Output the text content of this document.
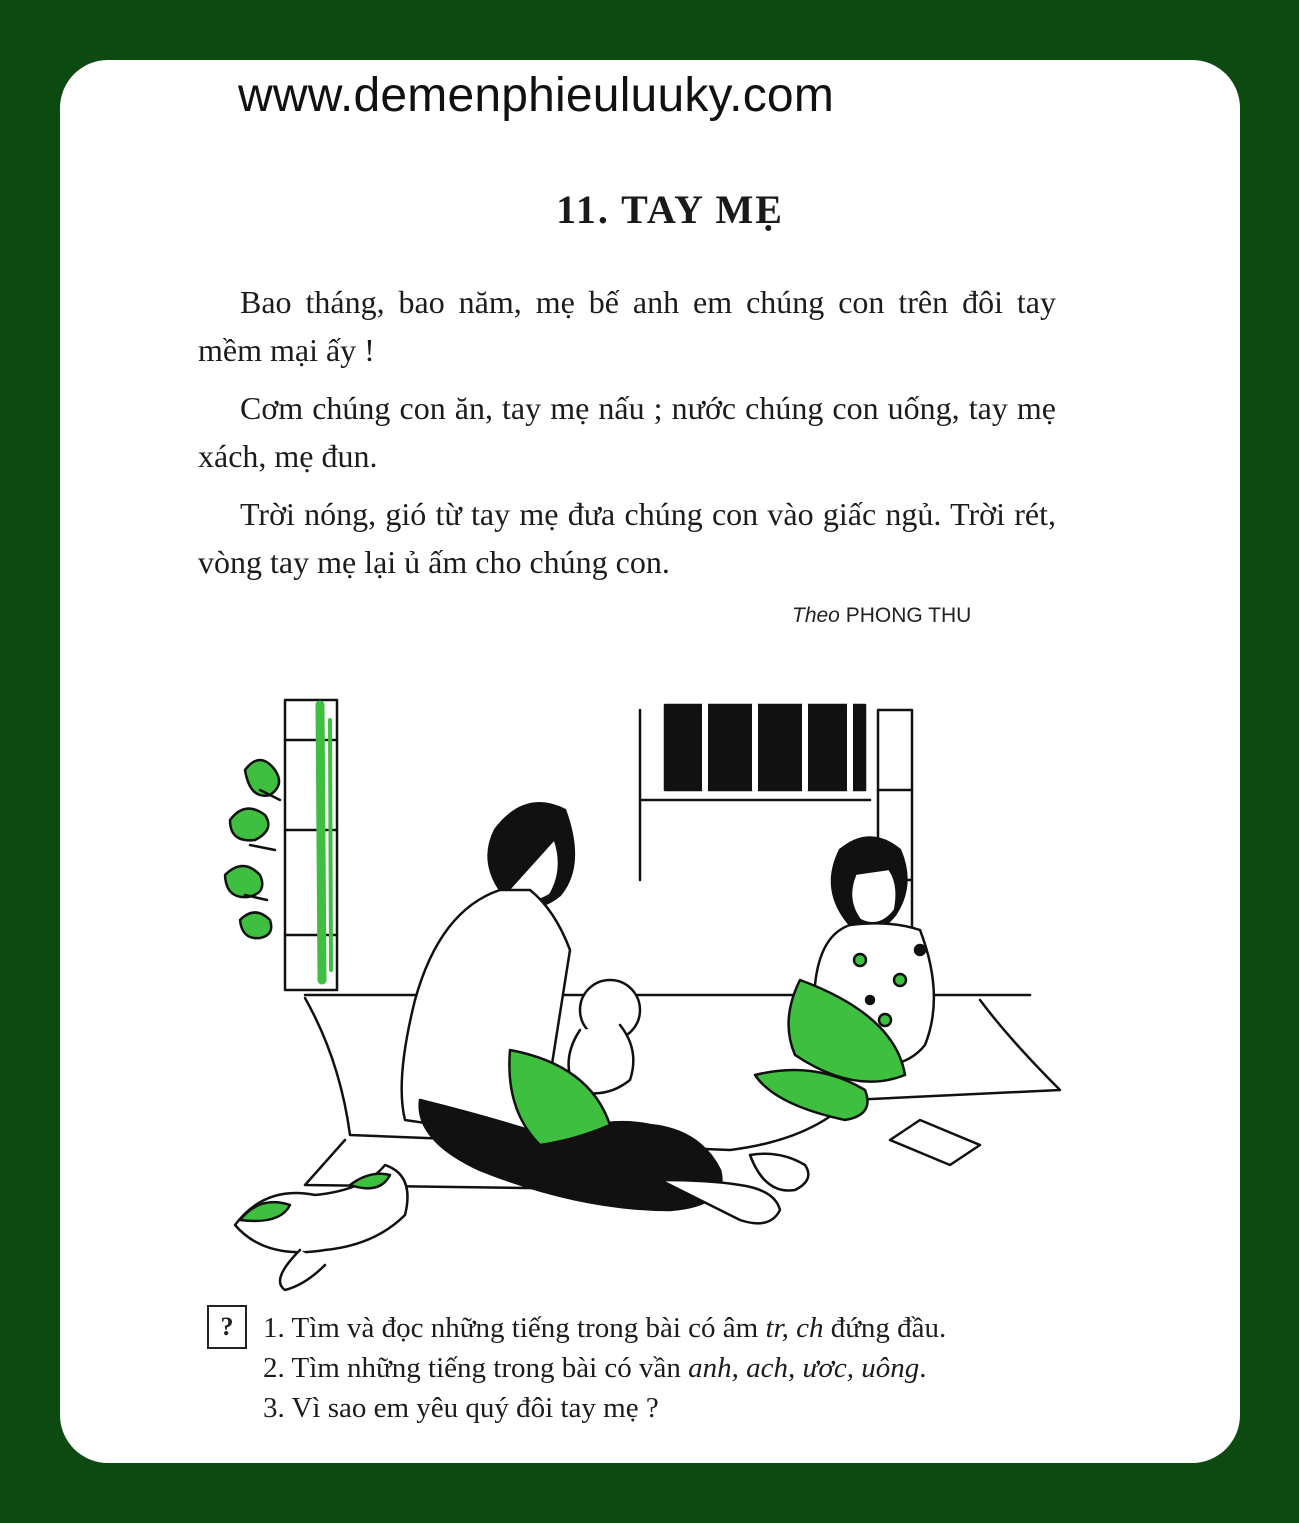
www.demenphieuluuky.com
11. TAY MẸ

Bao tháng, bao năm, mẹ bế anh em chúng con trên đôi tay mềm mại ấy !

Cơm chúng con ăn, tay mẹ nấu ; nước chúng con uống, tay mẹ xách, mẹ đun.

Trời nóng, gió từ tay mẹ đưa chúng con vào giấc ngủ. Trời rét, vòng tay mẹ lại ủ ấm cho chúng con.

Theo PHONG THU
?	1. Tìm và đọc những tiếng trong bài có âm tr, ch đứng đầu.
2. Tìm những tiếng trong bài có vần anh, ach, ươc, uông.
3. Vì sao em yêu quý đôi tay mẹ ?
